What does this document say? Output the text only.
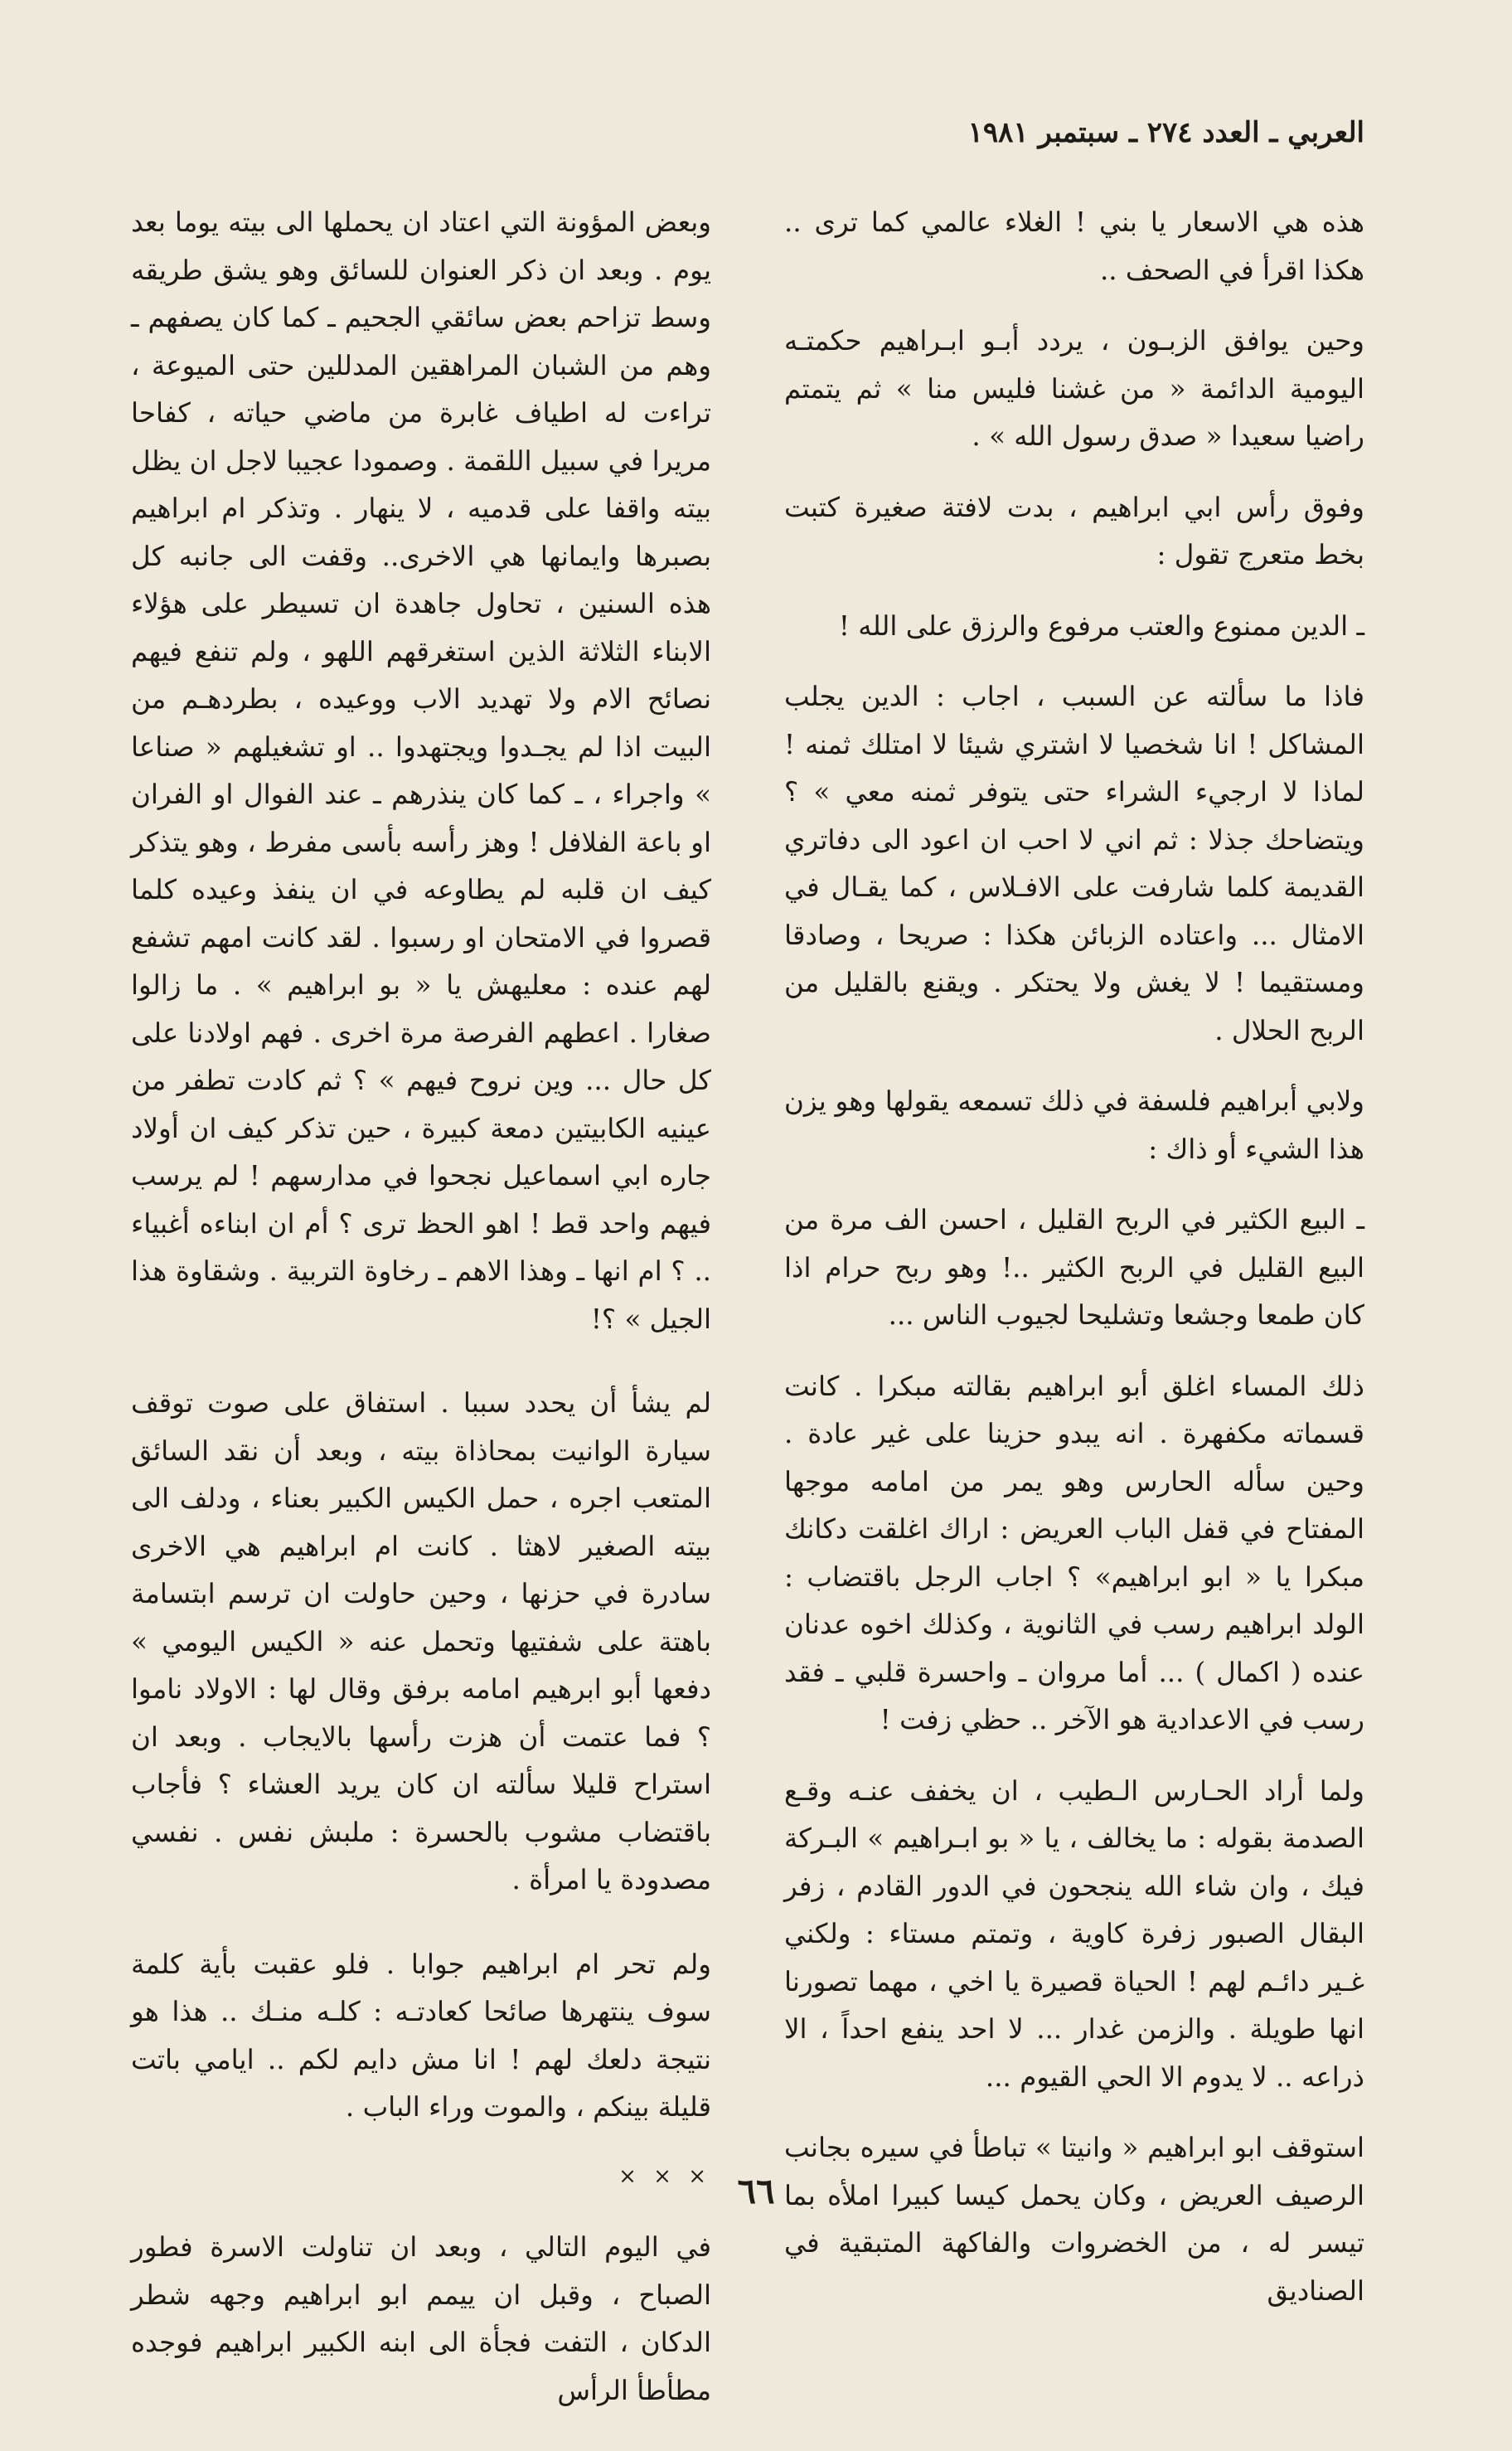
العربي ـ العدد ٢٧٤ ـ سبتمبر ١٩٨١

هذه هي الاسعار يا بني ! الغلاء عالمي كما ترى .. هكذا اقرأ في الصحف ..

وحين يوافق الزبـون ، يردد أبـو ابـراهيم حكمتـه اليومية الدائمة « من غشنا فليس منا » ثم يتمتم راضيا سعيدا « صدق رسول الله » .

وفوق رأس ابي ابراهيم ، بدت لافتة صغيرة كتبت بخط متعرج تقول :

ـ الدين ممنوع والعتب مرفوع والرزق على الله !

فاذا ما سألته عن السبب ، اجاب : الدين يجلب المشاكل ! انا شخصيا لا اشتري شيئا لا امتلك ثمنه ! لماذا لا ارجيء الشراء حتى يتوفر ثمنه معي » ؟ ويتضاحك جذلا : ثم اني لا احب ان اعود الى دفاتري القديمة كلما شارفت على الافـلاس ، كما يقـال في الامثال ... واعتاده الزبائن هكذا : صريحا ، وصادقا ومستقيما ! لا يغش ولا يحتكر . ويقنع بالقليل من الربح الحلال .

ولابي أبراهيم فلسفة في ذلك تسمعه يقولها وهو يزن هذا الشيء أو ذاك :

ـ البيع الكثير في الربح القليل ، احسن الف مرة من البيع القليل في الربح الكثير ..! وهو ربح حرام اذا كان طمعا وجشعا وتشليحا لجيوب الناس ...

ذلك المساء اغلق أبو ابراهيم بقالته مبكرا . كانت قسماته مكفهرة . انه يبدو حزينا على غير عادة . وحين سأله الحارس وهو يمر من امامه موجها المفتاح في قفل الباب العريض : اراك اغلقت دكانك مبكرا يا « ابو ابراهيم» ؟ اجاب الرجل باقتضاب : الولد ابراهيم رسب في الثانوية ، وكذلك اخوه عدنان عنده ( اكمال ) ... أما مروان ـ واحسرة قلبي ـ فقد رسب في الاعدادية هو الآخر .. حظي زفت !

ولما أراد الحـارس الـطيب ، ان يخفف عنـه وقـع الصدمة بقوله : ما يخالف ، يا « بو ابـراهيم » البـركة فيك ، وان شاء الله ينجحون في الدور القادم ، زفر البقال الصبور زفرة كاوية ، وتمتم مستاء : ولكني غـير دائـم لهم ! الحياة قصيرة يا اخي ، مهما تصورنا انها طويلة . والزمن غدار ... لا احد ينفع احداً ، الا ذراعه .. لا يدوم الا الحي القيوم ...

استوقف ابو ابراهيم « وانيتا » تباطأ في سيره بجانب الرصيف العريض ، وكان يحمل كيسا كبيرا املأه بما تيسر له ، من الخضروات والفاكهة المتبقية في الصناديق

وبعض المؤونة التي اعتاد ان يحملها الى بيته يوما بعد يوم . وبعد ان ذكر العنوان للسائق وهو يشق طريقه وسط تزاحم بعض سائقي الجحيم ـ كما كان يصفهم ـ وهم من الشبان المراهقين المدللين حتى الميوعة ، تراءت له اطياف غابرة من ماضي حياته ، كفاحا مريرا في سبيل اللقمة . وصمودا عجيبا لاجل ان يظل بيته واقفا على قدميه ، لا ينهار . وتذكر ام ابراهيم بصبرها وايمانها هي الاخرى.. وقفت الى جانبه كل هذه السنين ، تحاول جاهدة ان تسيطر على هؤلاء الابناء الثلاثة الذين استغرقهم اللهو ، ولم تنفع فيهم نصائح الام ولا تهديد الاب ووعيده ، بطردهـم من البيت اذا لم يجـدوا ويجتهدوا .. او تشغيلهم « صناعا » واجراء ، ـ كما كان ينذرهم ـ عند الفوال او الفران او باعة الفلافل ! وهز رأسه بأسى مفرط ، وهو يتذكر كيف ان قلبه لم يطاوعه في ان ينفذ وعيده كلما قصروا في الامتحان او رسبوا . لقد كانت امهم تشفع لهم عنده : معليهش يا « بو ابراهيم » . ما زالوا صغارا . اعطهم الفرصة مرة اخرى . فهم اولادنا على كل حال ... وين نروح فيهم » ؟ ثم كادت تطفر من عينيه الكابيتين دمعة كبيرة ، حين تذكر كيف ان أولاد جاره ابي اسماعيل نجحوا في مدارسهم ! لم يرسب فيهم واحد قط ! اهو الحظ ترى ؟ أم ان ابناءه أغبياء .. ؟ ام انها ـ وهذا الاهم ـ رخاوة التربية . وشقاوة هذا الجيل » ؟!

لم يشأ أن يحدد سببا . استفاق على صوت توقف سيارة الوانيت بمحاذاة بيته ، وبعد أن نقد السائق المتعب اجره ، حمل الكيس الكبير بعناء ، ودلف الى بيته الصغير لاهثا . كانت ام ابراهيم هي الاخرى سادرة في حزنها ، وحين حاولت ان ترسم ابتسامة باهتة على شفتيها وتحمل عنه « الكيس اليومي » دفعها أبو ابرهيم امامه برفق وقال لها : الاولاد ناموا ؟ فما عتمت أن هزت رأسها بالايجاب . وبعد ان استراح قليلا سألته ان كان يريد العشاء ؟ فأجاب باقتضاب مشوب بالحسرة : ملبش نفس . نفسي مصدودة يا امرأة .

ولم تحر ام ابراهيم جوابا . فلو عقبت بأية كلمة سوف ينتهرها صائحا كعادتـه : كلـه منـك .. هذا هو نتيجة دلعك لهم ! انا مش دايم لكم .. ايامي باتت قليلة بينكم ، والموت وراء الباب .

× × ×

في اليوم التالي ، وبعد ان تناولت الاسرة فطور الصباح ، وقبل ان ييمم ابو ابراهيم وجهه شطر الدكان ، التفت فجأة الى ابنه الكبير ابراهيم فوجده مطأطأ الرأس

٦٦
